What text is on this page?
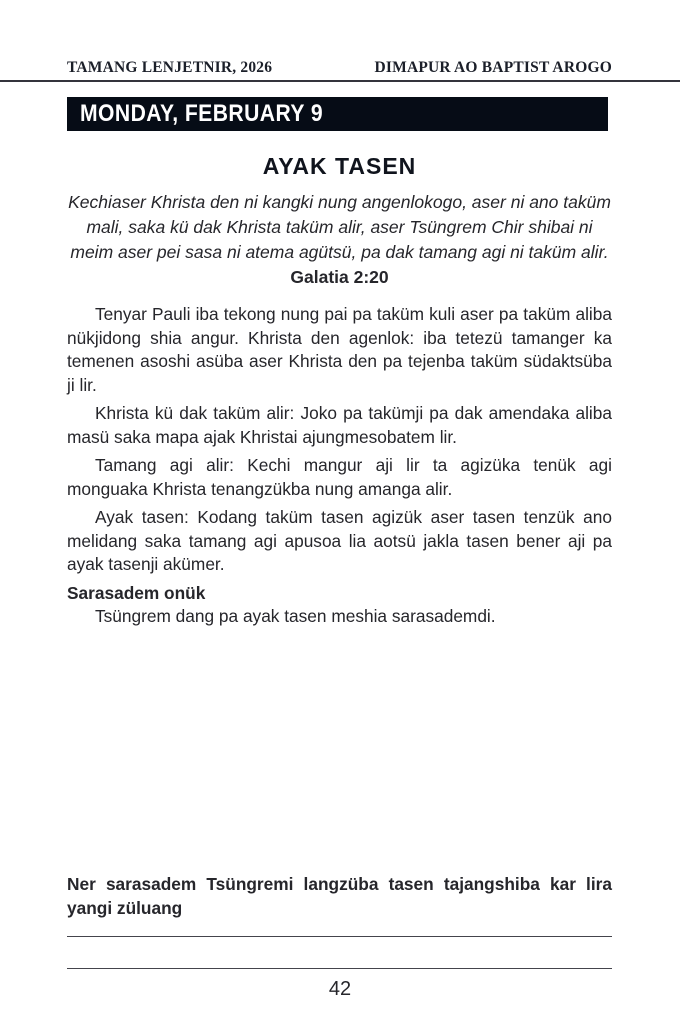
TAMANG LENJETNIR, 2026	DIMAPUR AO BAPTIST AROGO
MONDAY, FEBRUARY 9
AYAK TASEN

Kechiaser Khrista den ni kangki nung angenlokogo, aser ni ano taküm mali, saka kü dak Khrista taküm alir, aser Tsüngrem Chir shibai ni meim aser pei sasa ni atema agütsü, pa dak tamang agi ni taküm alir. Galatia 2:20

Tenyar Pauli iba tekong nung pai pa taküm kuli aser pa taküm aliba nükjidong shia angur. Khrista den agenlok: iba tetezü tamanger ka temenen asoshi asüba aser Khrista den pa tejenba taküm südaktsüba ji lir.

Khrista kü dak taküm alir: Joko pa takümji pa dak amendaka aliba masü saka mapa ajak Khristai ajungmesobatem lir.

Tamang agi alir: Kechi mangur aji lir ta agizüka tenük agi monguaka Khrista tenangzükba nung amanga alir.

Ayak tasen: Kodang taküm tasen agizük aser tasen tenzük ano melidang saka tamang agi apusoa lia aotsü jakla tasen bener aji pa ayak tasenji akümer.

Sarasadem onük

Tsüngrem dang pa ayak tasen meshia sarasademdi.

Ner sarasadem Tsüngremi langzüba tasen tajangshiba kar lira yangi züluang
42
